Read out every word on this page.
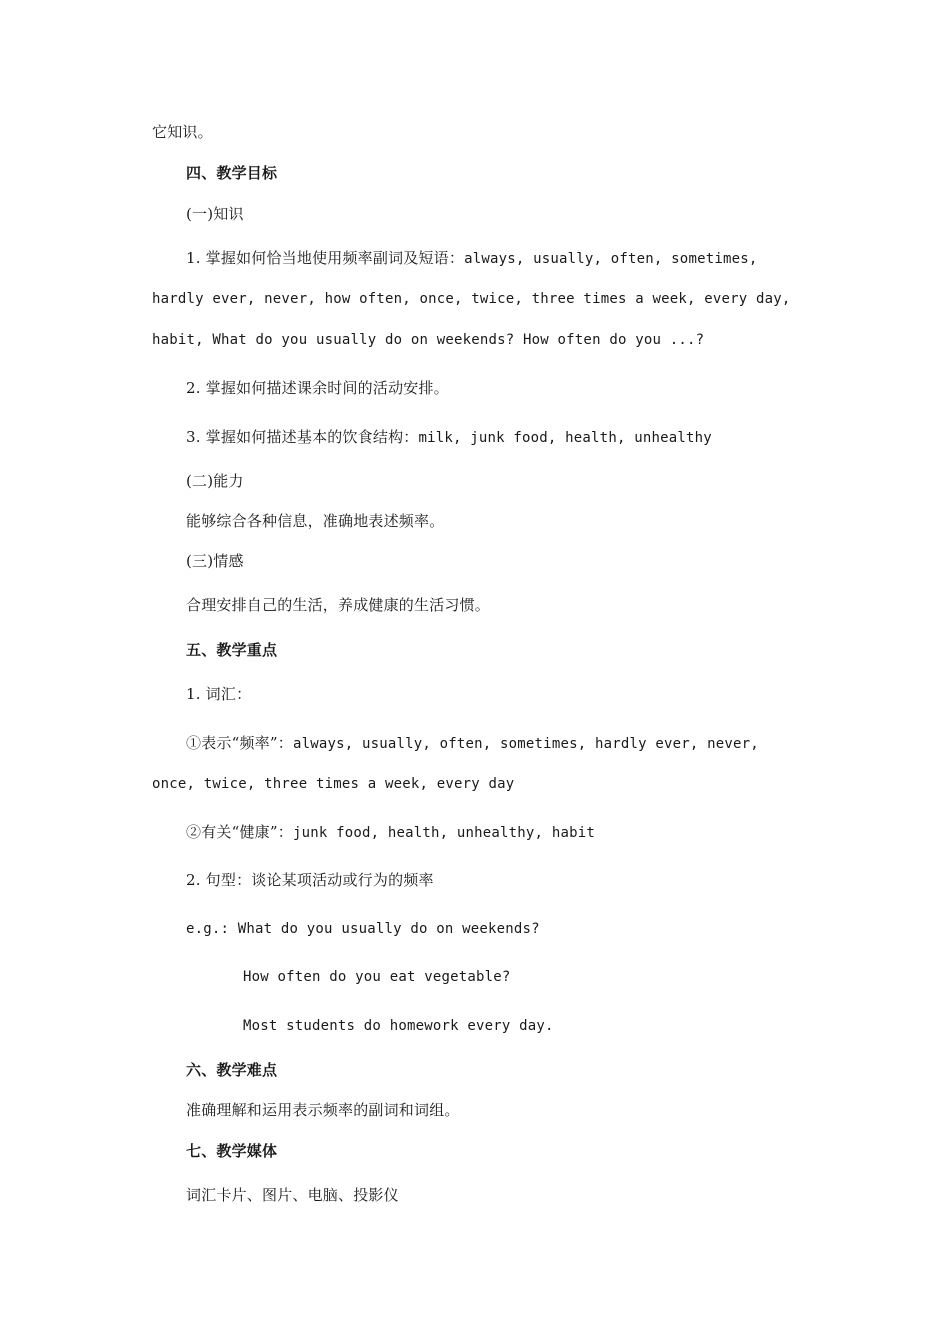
它知识。
四、教学目标
(一)知识
1. 掌握如何恰当地使用频率副词及短语：always, usually, often, sometimes,
hardly ever, never, how often, once, twice, three times a week, every day,
habit, What do you usually do on weekends? How often do you ...?
2. 掌握如何描述课余时间的活动安排。
3. 掌握如何描述基本的饮食结构：milk, junk food, health, unhealthy
(二)能力
能够综合各种信息，准确地表述频率。
(三)情感
合理安排自己的生活，养成健康的生活习惯。
五、教学重点
1. 词汇：
①表示“频率”：always, usually, often, sometimes, hardly ever, never,
once, twice, three times a week, every day
②有关“健康”：junk food, health, unhealthy, habit
2. 句型：谈论某项活动或行为的频率
e.g.: What do you usually do on weekends?
How often do you eat vegetable?
Most students do homework every day.
六、教学难点
准确理解和运用表示频率的副词和词组。
七、教学媒体
词汇卡片、图片、电脑、投影仪
